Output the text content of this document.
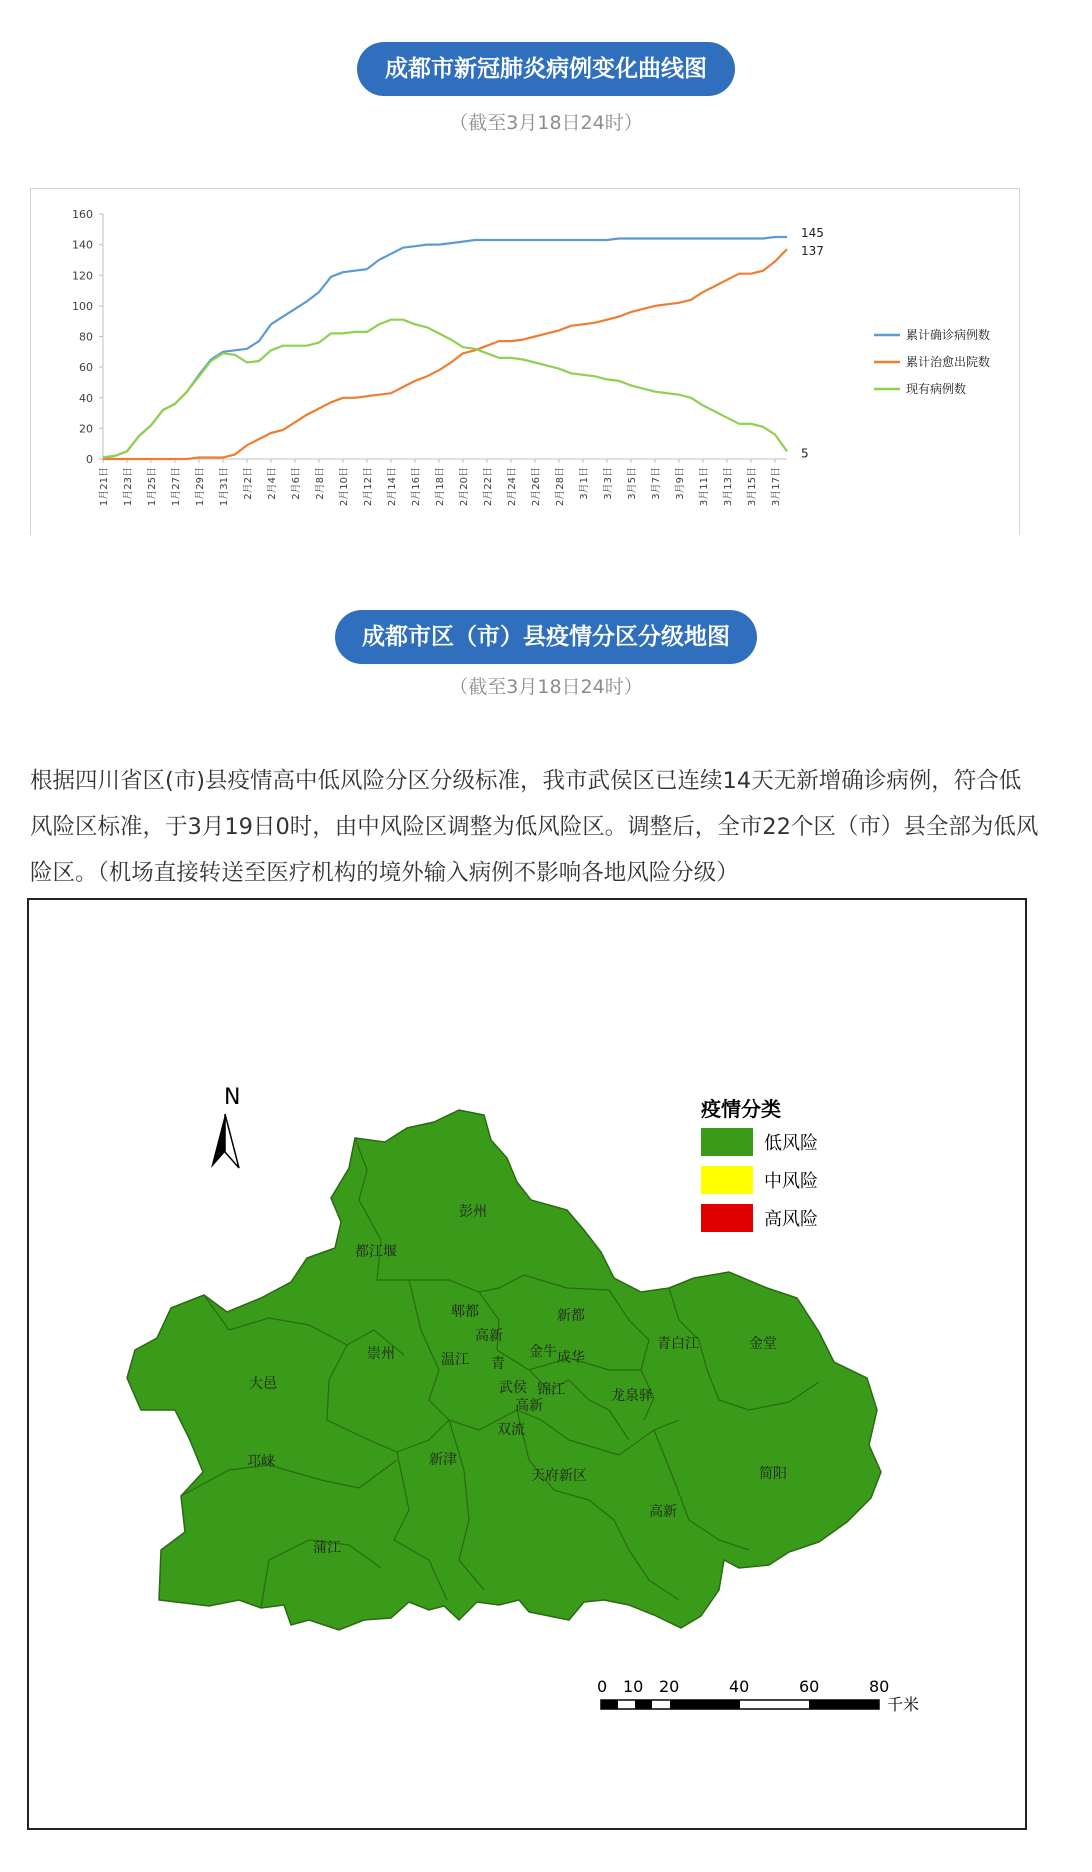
成都市新冠肺炎病例变化曲线图
（截至3月18日24时）
0
20
40
60
80
100
120
140
160
1月21日 1月23日 1月25日 1月27日 1月29日 1月31日 2月2日 2月4日 2月6日 2月8日 2月10日 2月12日 2月14日 2月16日 2月18日 2月20日 2月22日 2月24日 2月26日 2月28日 3月1日 3月3日 3月5日 3月7日 3月9日 3月11日 3月13日 3月15日 3月17日
145
137
5
累计确诊病例数
累计治愈出院数
现有病例数
成都市区（市）县疫情分区分级地图
（截至3月18日24时）
根据四川省区(市)县疫情高中低风险分区分级标准，我市武侯区已连续14天无新增确诊病例，符合低风险区标准，于3月19日0时，由中风险区调整为低风险区。调整后，全市22个区（市）县全部为低风险区。（机场直接转送至医疗机构的境外输入病例不影响各地风险分级）
N
彭州
都江堰
郫都	新都
青白江	金堂
大邑
崇州	温江
高新
金牛 成华
青
武侯 锦江
高新
龙泉驿
双流
邛崃	新津
天府新区	简阳
高新
蒲江
疫情分类
低风险
中风险
高风险
0 10 20	40	60	80
千米
